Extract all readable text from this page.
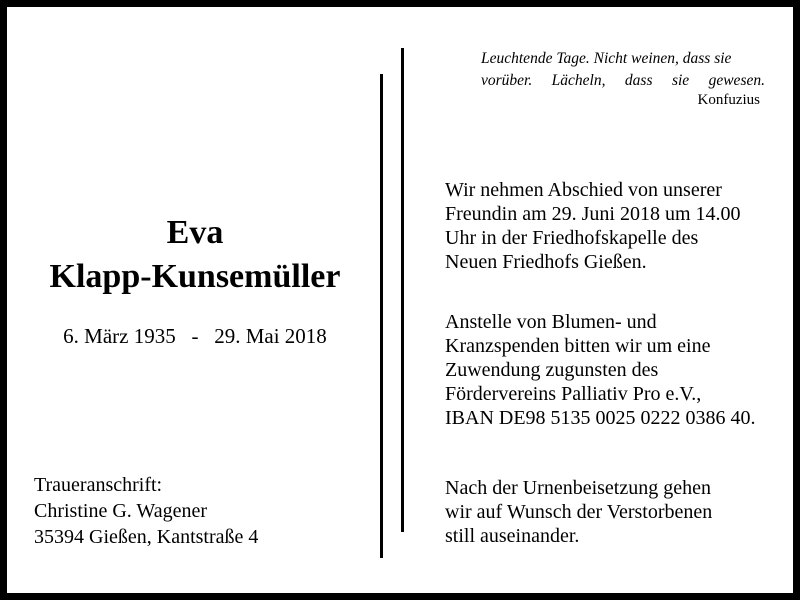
Leuchtende Tage. Nicht weinen, dass sie
vorüber. Lächeln, dass sie gewesen.
Konfuzius
Eva
Klapp-Kunsemüller
6. März 1935   -   29. Mai 2018
Traueranschrift:
Christine G. Wagener
35394 Gießen, Kantstraße 4
Wir nehmen Abschied von unserer
Freundin am 29. Juni 2018 um 14.00
Uhr in der Friedhofskapelle des
Neuen Friedhofs Gießen.
Anstelle von Blumen- und
Kranzspenden bitten wir um eine
Zuwendung zugunsten des
Fördervereins Palliativ Pro e.V.,
IBAN DE98 5135 0025 0222 0386 40.
Nach der Urnenbeisetzung gehen
wir auf Wunsch der Verstorbenen
still auseinander.
